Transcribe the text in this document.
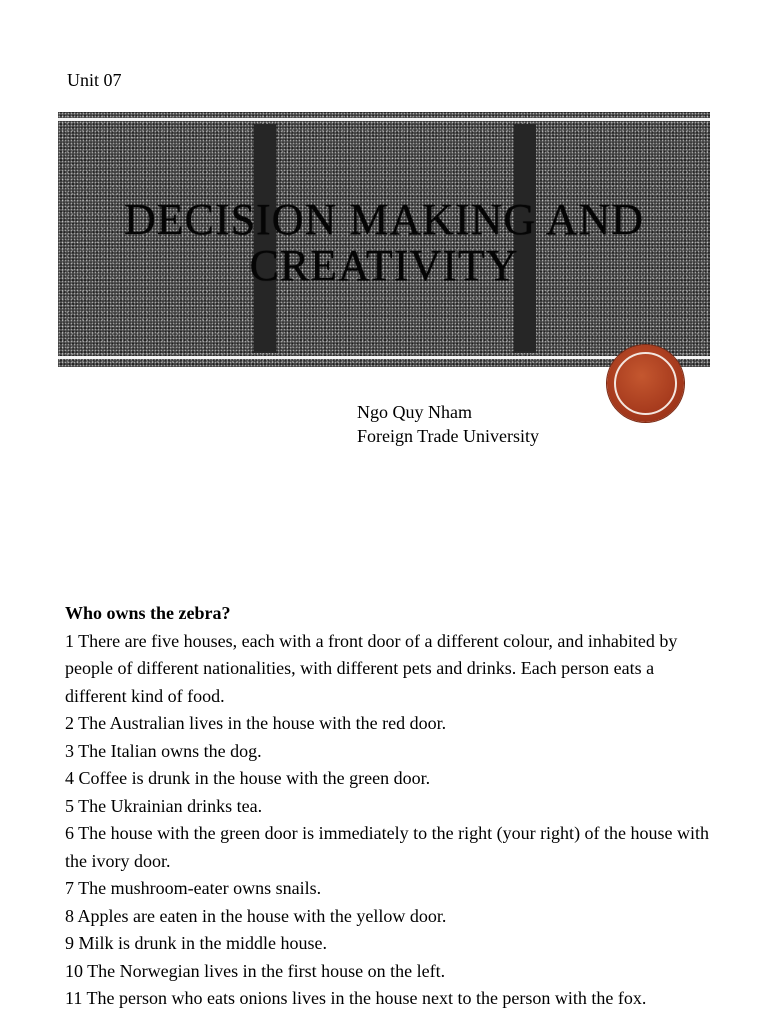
Unit 07
DECISION MAKING AND
CREATIVITY
Ngo Quy Nham
Foreign Trade University

Who owns the zebra?

1 There are five houses, each with a front door of a different colour, and inhabited by people of different nationalities, with different pets and drinks. Each person eats a different kind of food.

2 The Australian lives in the house with the red door.

3 The Italian owns the dog.

4 Coffee is drunk in the house with the green door.

5 The Ukrainian drinks tea.

6 The house with the green door is immediately to the right (your right) of the house with the ivory door.

7 The mushroom-eater owns snails.

8 Apples are eaten in the house with the yellow door.

9 Milk is drunk in the middle house.

10 The Norwegian lives in the first house on the left.

11 The person who eats onions lives in the house next to the person with the fox.
